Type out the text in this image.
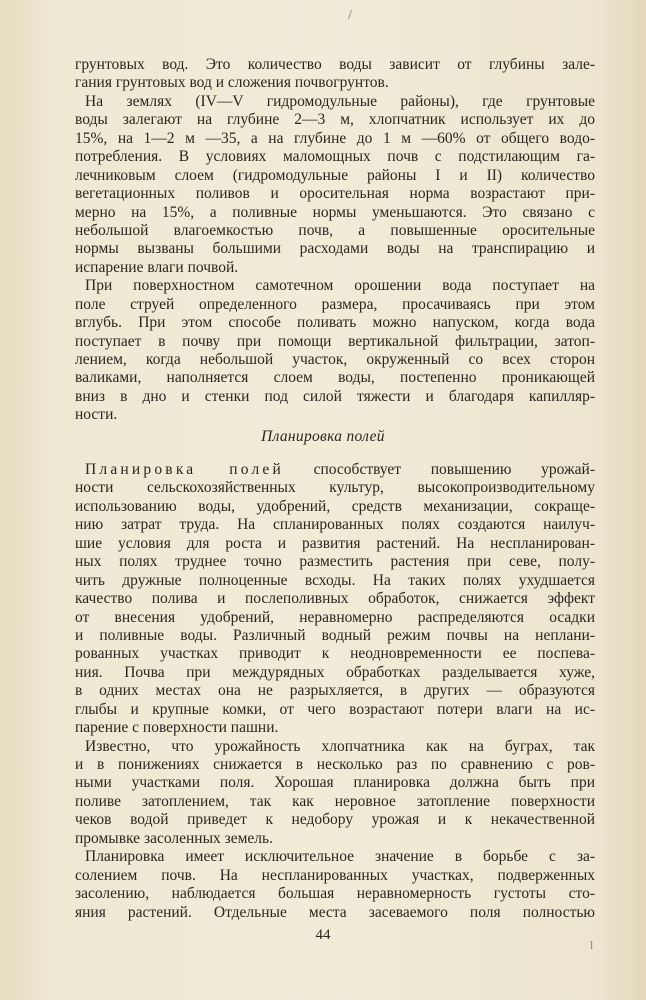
/
грунтовых вод. Это количество воды зависит от глубины зале-
гания грунтовых вод и сложения почвогрунтов.
На землях (IV—V гидромодульные районы), где грунтовые
воды залегают на глубине 2—3 м, хлопчатник использует их до
15%, на 1—2 м —35, а на глубине до 1 м —60% от общего водо-
потребления. В условиях маломощных почв с подстилающим га-
лечниковым слоем (гидромодульные районы I и II) количество
вегетационных поливов и оросительная норма возрастают при-
мерно на 15%, а поливные нормы уменьшаются. Это связано с
небольшой влагоемкостью почв, а повышенные оросительные
нормы вызваны большими расходами воды на транспирацию и
испарение влаги почвой.
При поверхностном самотечном орошении вода поступает на
поле струей определенного размера, просачиваясь при этом
вглубь. При этом способе поливать можно напуском, когда вода
поступает в почву при помощи вертикальной фильтрации, затоп-
лением, когда небольшой участок, окруженный со всех сторон
валиками, наполняется слоем воды, постепенно проникающей
вниз в дно и стенки под силой тяжести и благодаря капилляр-
ности.
Планировка полей
Планировка полей способствует повышению урожай-
ности сельскохозяйственных культур, высокопроизводительному
использованию воды, удобрений, средств механизации, сокраще-
нию затрат труда. На спланированных полях создаются наилуч-
шие условия для роста и развития растений. На неспланирован-
ных полях труднее точно разместить растения при севе, полу-
чить дружные полноценные всходы. На таких полях ухудшается
качество полива и послеполивных обработок, снижается эффект
от внесения удобрений, неравномерно распределяются осадки
и поливные воды. Различный водный режим почвы на неплани-
рованных участках приводит к неодновременности ее поспева-
ния. Почва при междурядных обработках разделывается хуже,
в одних местах она не разрыхляется, в других — образуются
глыбы и крупные комки, от чего возрастают потери влаги на ис-
парение с поверхности пашни.
Известно, что урожайность хлопчатника как на буграх, так
и в понижениях снижается в несколько раз по сравнению с ров-
ными участками поля. Хорошая планировка должна быть при
поливе затоплением, так как неровное затопление поверхности
чеков водой приведет к недобору урожая и к некачественной
промывке засоленных земель.
Планировка имеет исключительное значение в борьбе с за-
солением почв. На неспланированных участках, подверженных
засолению, наблюдается большая неравномерность густоты сто-
яния растений. Отдельные места засеваемого поля полностью
44
l
